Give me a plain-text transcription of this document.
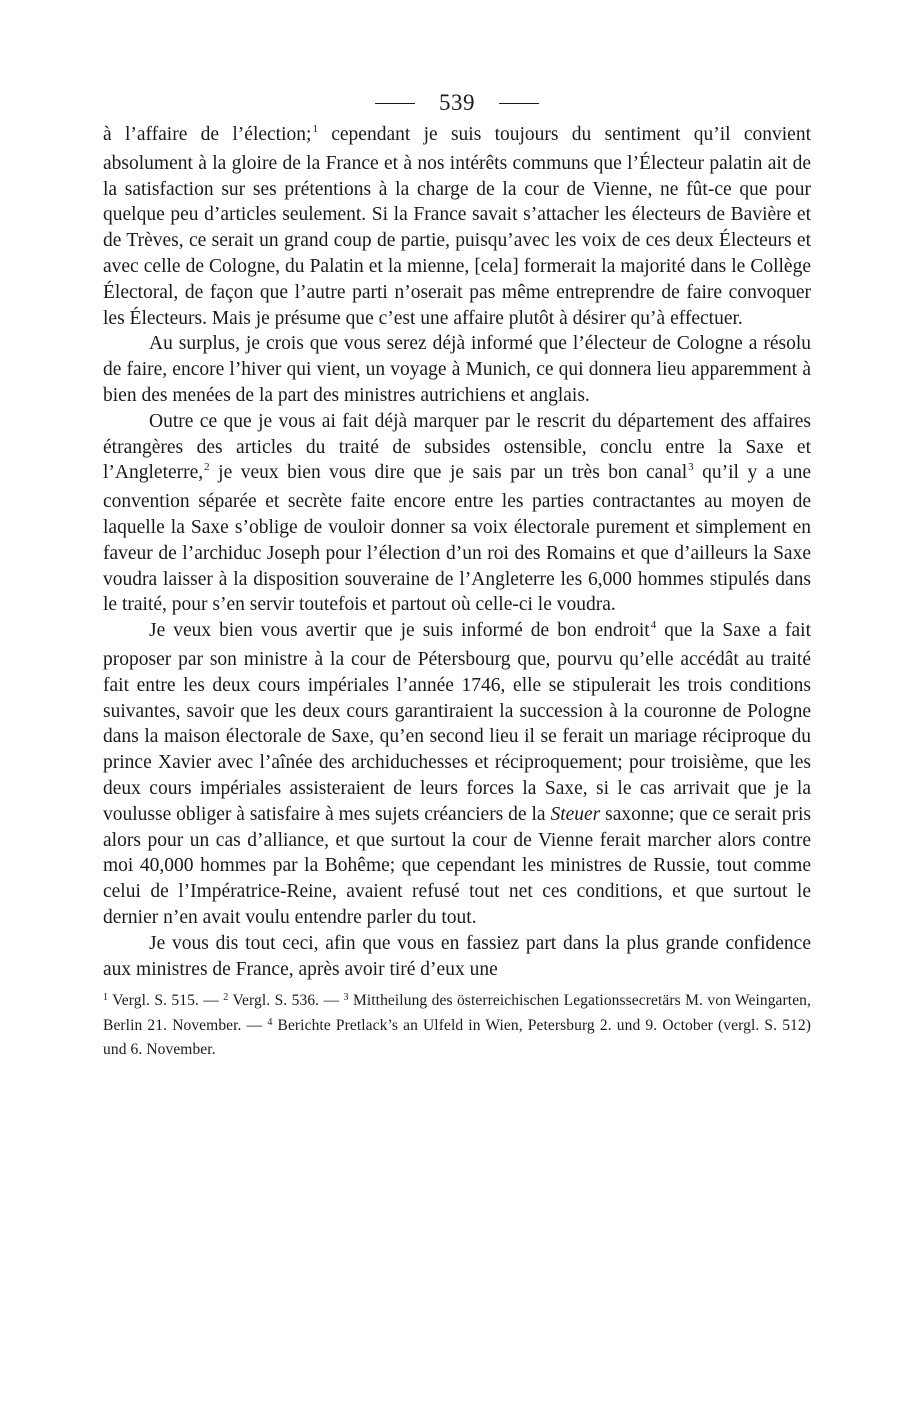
539

à l’affaire de l’élection;$^1$ cependant je suis toujours du sentiment qu’il convient absolument à la gloire de la France et à nos intérêts communs que l’Électeur palatin ait de la satisfaction sur ses prétentions à la charge de la cour de Vienne, ne fût-ce que pour quelque peu d’articles seulement. Si la France savait s’attacher les électeurs de Bavière et de Trèves, ce serait un grand coup de partie, puisqu’avec les voix de ces deux Électeurs et avec celle de Cologne, du Palatin et la mienne, [cela] formerait la majorité dans le Collège Électoral, de façon que l’autre parti n’oserait pas même entreprendre de faire convoquer les Électeurs. Mais je présume que c’est une affaire plutôt à désirer qu’à effectuer.

Au surplus, je crois que vous serez déjà informé que l’électeur de Cologne a résolu de faire, encore l’hiver qui vient, un voyage à Munich, ce qui donnera lieu apparemment à bien des menées de la part des ministres autrichiens et anglais.

Outre ce que je vous ai fait déjà marquer par le rescrit du département des affaires étrangères des articles du traité de subsides ostensible, conclu entre la Saxe et l’Angleterre,$^2$ je veux bien vous dire que je sais par un très bon canal$^3$ qu’il y a une convention séparée et secrète faite encore entre les parties contractantes au moyen de laquelle la Saxe s’oblige de vouloir donner sa voix électorale purement et simplement en faveur de l’archiduc Joseph pour l’élection d’un roi des Romains et que d’ailleurs la Saxe voudra laisser à la disposition souveraine de l’Angleterre les 6,000 hommes stipulés dans le traité, pour s’en servir toutefois et partout où celle-ci le voudra.

Je veux bien vous avertir que je suis informé de bon endroit$^4$ que la Saxe a fait proposer par son ministre à la cour de Pétersbourg que, pourvu qu’elle accédât au traité fait entre les deux cours impériales l’année 1746, elle se stipulerait les trois conditions suivantes, savoir que les deux cours garantiraient la succession à la couronne de Pologne dans la maison électorale de Saxe, qu’en second lieu il se ferait un mariage réciproque du prince Xavier avec l’aînée des archiduchesses et réciproquement; pour troisième, que les deux cours impériales assisteraient de leurs forces la Saxe, si le cas arrivait que je la voulusse obliger à satisfaire à mes sujets créanciers de la Steuer saxonne; que ce serait pris alors pour un cas d’alliance, et que surtout la cour de Vienne ferait marcher alors contre moi 40,000 hommes par la Bohême; que cependant les ministres de Russie, tout comme celui de l’Impératrice-Reine, avaient refusé tout net ces conditions, et que surtout le dernier n’en avait voulu entendre parler du tout.

Je vous dis tout ceci, afin que vous en fassiez part dans la plus grande confidence aux ministres de France, après avoir tiré d’eux une

$^1$ Vergl. S. 515. — $^2$ Vergl. S. 536. — $^3$ Mittheilung des österreichischen Legationssecretärs M. von Weingarten, Berlin 21. November. — $^4$ Berichte Pretlack’s an Ulfeld in Wien, Petersburg 2. und 9. October (vergl. S. 512) und 6. November.
